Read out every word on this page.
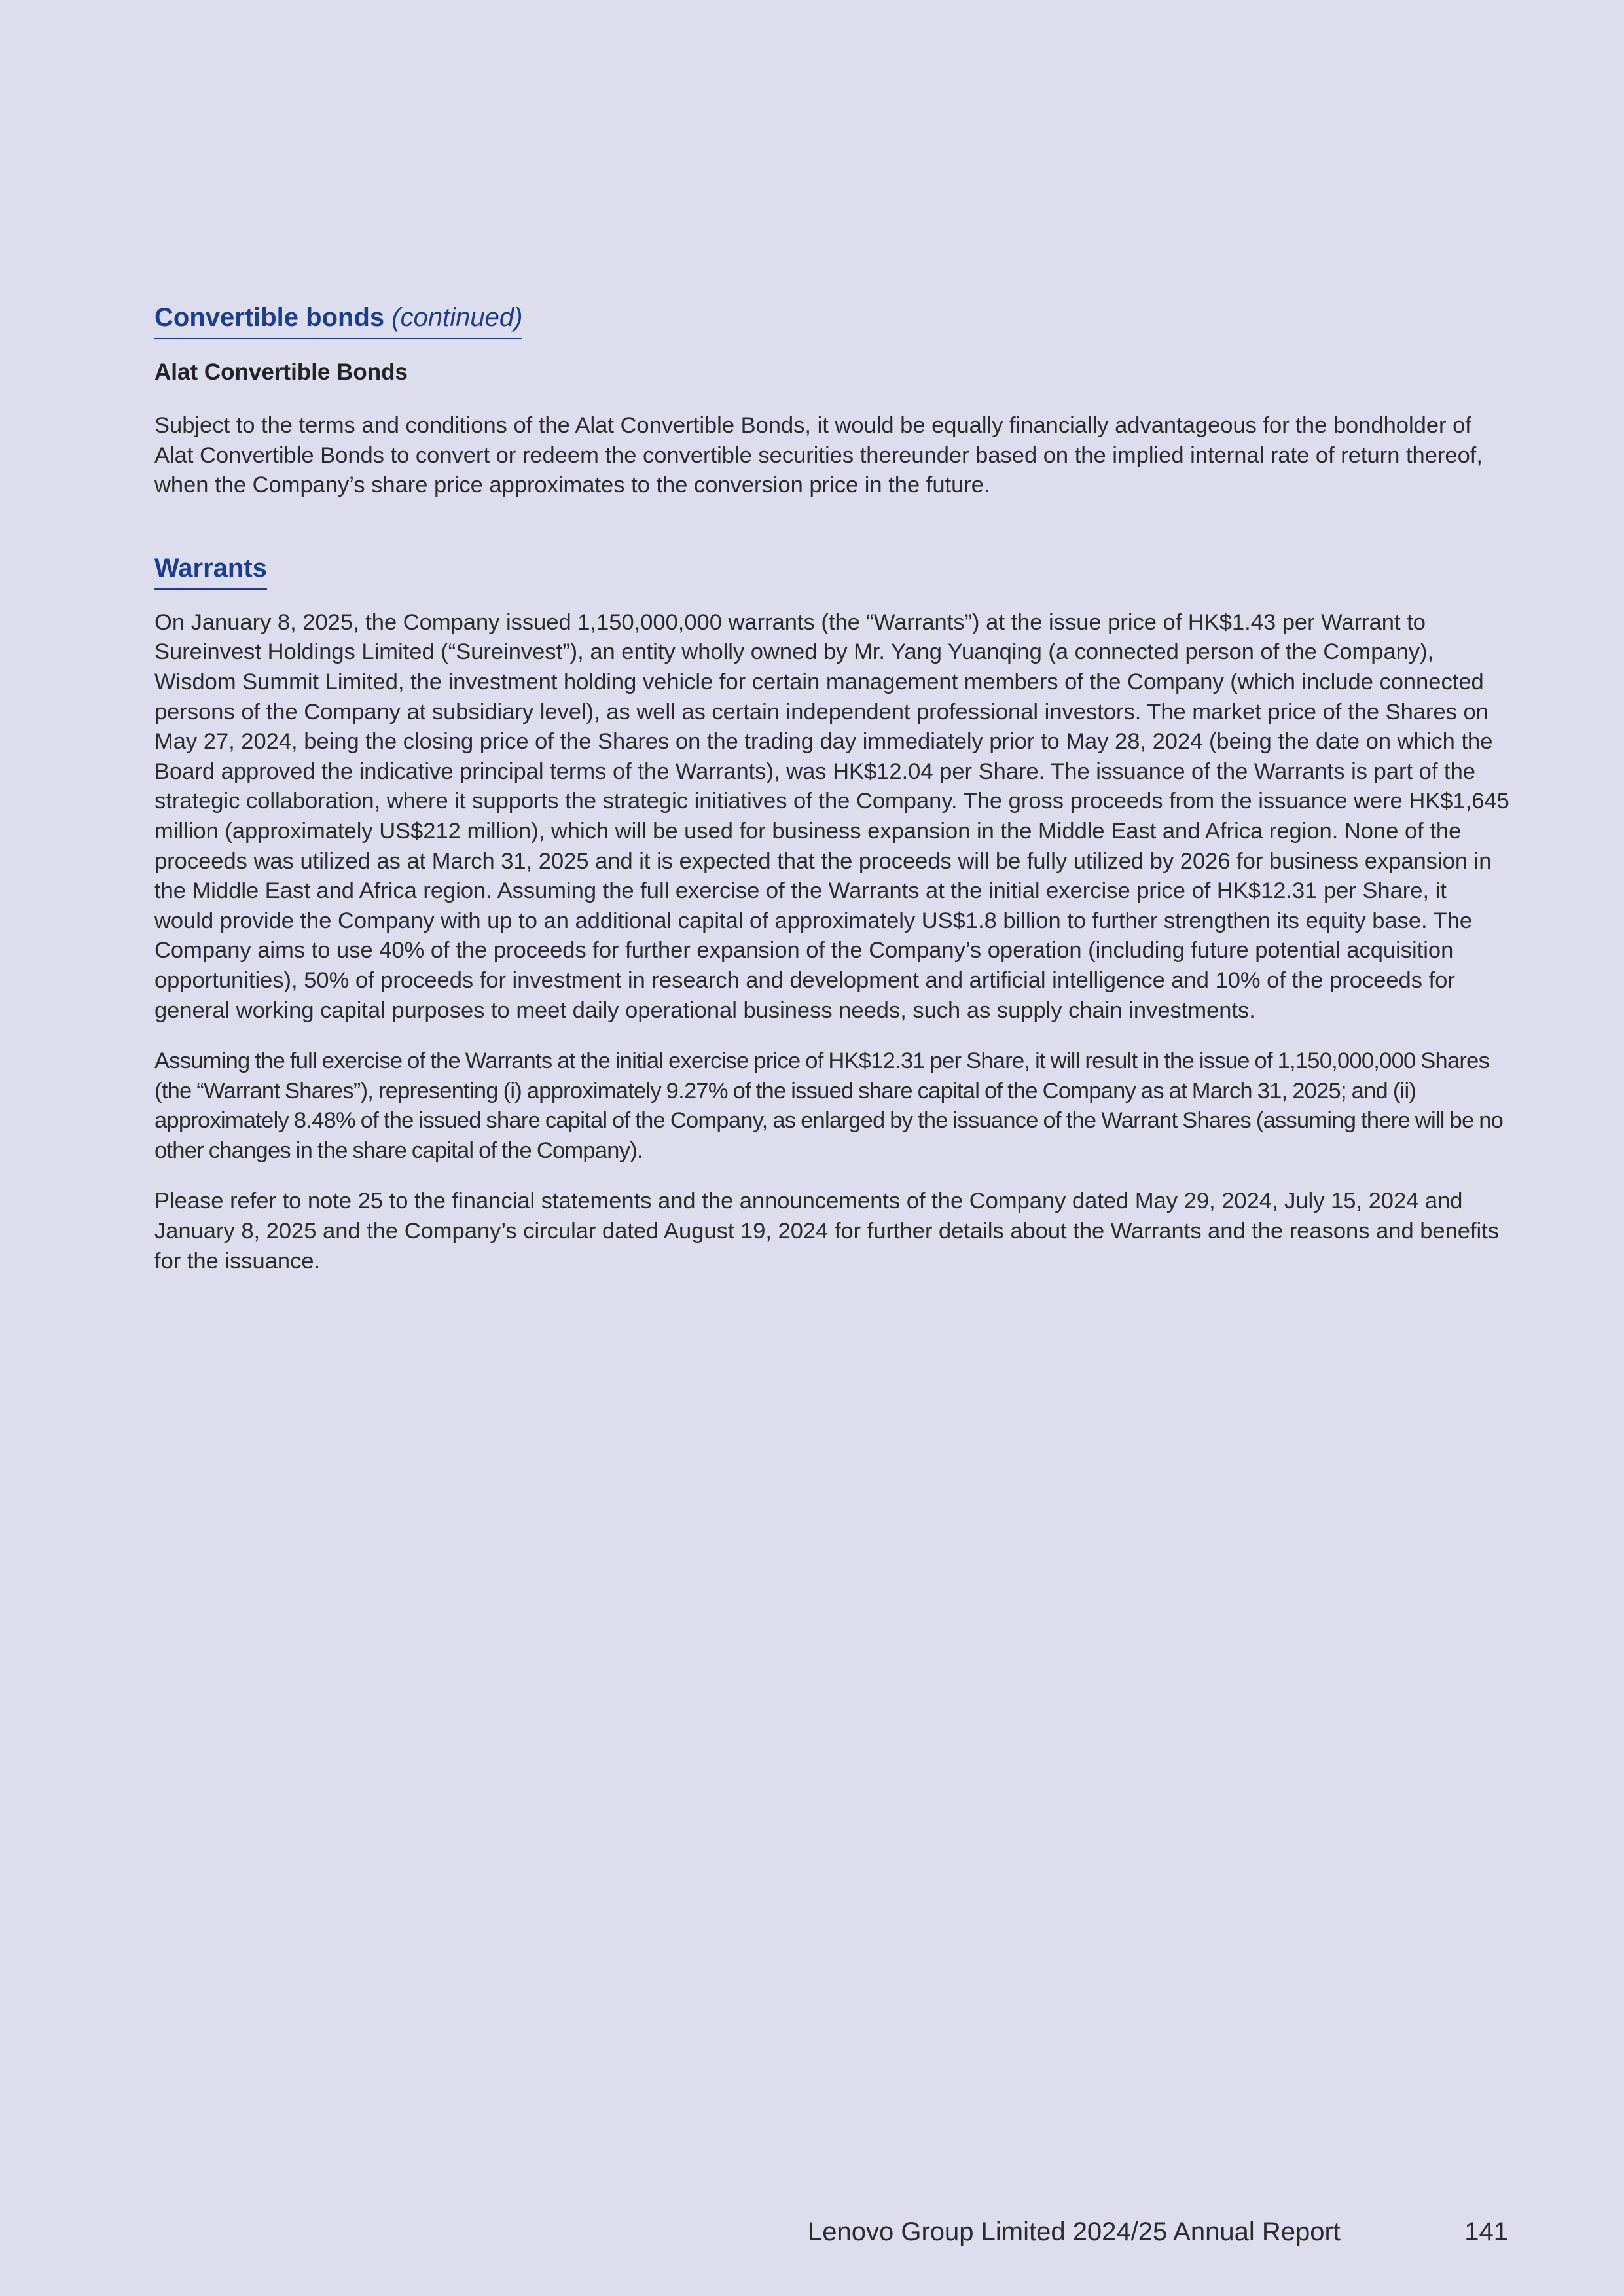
Convertible bonds (continued)
Alat Convertible Bonds

Subject to the terms and conditions of the Alat Convertible Bonds, it would be equally financially advantageous for the bondholder of Alat Convertible Bonds to convert or redeem the convertible securities thereunder based on the implied internal rate of return thereof, when the Company’s share price approximates to the conversion price in the future.

Warrants

On January 8, 2025, the Company issued 1,150,000,000 warrants (the “Warrants”) at the issue price of HK$1.43 per Warrant to Sureinvest Holdings Limited (“Sureinvest”), an entity wholly owned by Mr. Yang Yuanqing (a connected person of the Company), Wisdom Summit Limited, the investment holding vehicle for certain management members of the Company (which include connected persons of the Company at subsidiary level), as well as certain independent professional investors. The market price of the Shares on May 27, 2024, being the closing price of the Shares on the trading day immediately prior to May 28, 2024 (being the date on which the Board approved the indicative principal terms of the Warrants), was HK$12.04 per Share. The issuance of the Warrants is part of the strategic collaboration, where it supports the strategic initiatives of the Company. The gross proceeds from the issuance were HK$1,645 million (approximately US$212 million), which will be used for business expansion in the Middle East and Africa region. None of the proceeds was utilized as at March 31, 2025 and it is expected that the proceeds will be fully utilized by 2026 for business expansion in the Middle East and Africa region. Assuming the full exercise of the Warrants at the initial exercise price of HK$12.31 per Share, it would provide the Company with up to an additional capital of approximately US$1.8 billion to further strengthen its equity base. The Company aims to use 40% of the proceeds for further expansion of the Company’s operation (including future potential acquisition opportunities), 50% of proceeds for investment in research and development and artificial intelligence and 10% of the proceeds for general working capital purposes to meet daily operational business needs, such as supply chain investments.

Assuming the full exercise of the Warrants at the initial exercise price of HK$12.31 per Share, it will result in the issue of 1,150,000,000 Shares (the “Warrant Shares”), representing (i) approximately 9.27% of the issued share capital of the Company as at March 31, 2025; and (ii) approximately 8.48% of the issued share capital of the Company, as enlarged by the issuance of the Warrant Shares (assuming there will be no other changes in the share capital of the Company).

Please refer to note 25 to the financial statements and the announcements of the Company dated May 29, 2024, July 15, 2024 and January 8, 2025 and the Company’s circular dated August 19, 2024 for further details about the Warrants and the reasons and benefits for the issuance.

Lenovo Group Limited 2024/25 Annual Report	141
